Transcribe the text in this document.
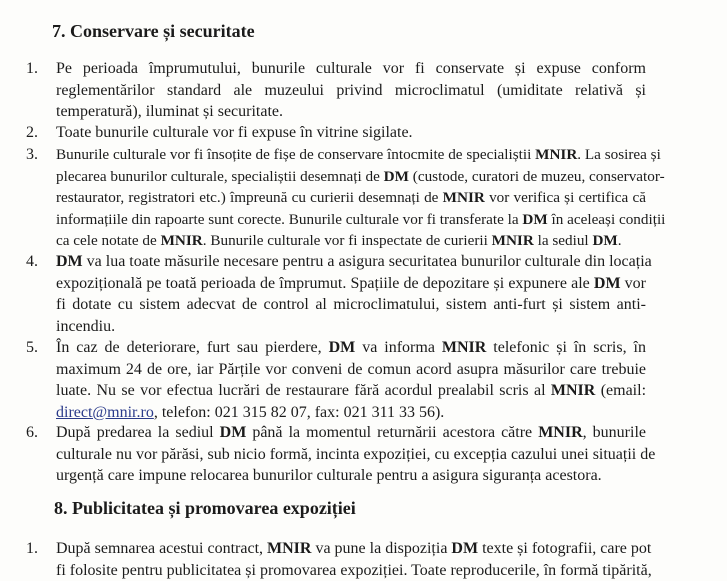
7. Conservare și securitate
1. Pe perioada împrumutului, bunurile culturale vor fi conservate și expuse conform
reglementărilor standard ale muzeului privind microclimatul (umiditate relativă și
temperatură), iluminat și securitate.
2. Toate bunurile culturale vor fi expuse în vitrine sigilate.
3. Bunurile culturale vor fi însoțite de fișe de conservare întocmite de specialiștii MNIR. La sosirea și
plecarea bunurilor culturale, specialiștii desemnați de DM (custode, curatori de muzeu, conservator-
restaurator, registratori etc.) împreună cu curierii desemnați de MNIR vor verifica și certifica că
informațiile din rapoarte sunt corecte. Bunurile culturale vor fi transferate la DM în aceleași condiții
ca cele notate de MNIR. Bunurile culturale vor fi inspectate de curierii MNIR la sediul DM.
4. DM va lua toate măsurile necesare pentru a asigura securitatea bunurilor culturale din locația
expozițională pe toată perioada de împrumut. Spațiile de depozitare și expunere ale DM vor
fi dotate cu sistem adecvat de control al microclimatului, sistem anti-furt și sistem anti-
incendiu.
5. În caz de deteriorare, furt sau pierdere, DM va informa MNIR telefonic și în scris, în
maximum 24 de ore, iar Părțile vor conveni de comun acord asupra măsurilor care trebuie
luate. Nu se vor efectua lucrări de restaurare fără acordul prealabil scris al MNIR (email:
direct@mnir.ro, telefon: 021 315 82 07, fax: 021 311 33 56).
6. După predarea la sediul DM până la momentul returnării acestora către MNIR, bunurile
culturale nu vor părăsi, sub nicio formă, incinta expoziției, cu excepția cazului unei situații de
urgență care impune relocarea bunurilor culturale pentru a asigura siguranța acestora.
8. Publicitatea și promovarea expoziției
1. După semnarea acestui contract, MNIR va pune la dispoziția DM texte și fotografii, care pot
fi folosite pentru publicitatea și promovarea expoziției. Toate reproducerile, în formă tipărită,
